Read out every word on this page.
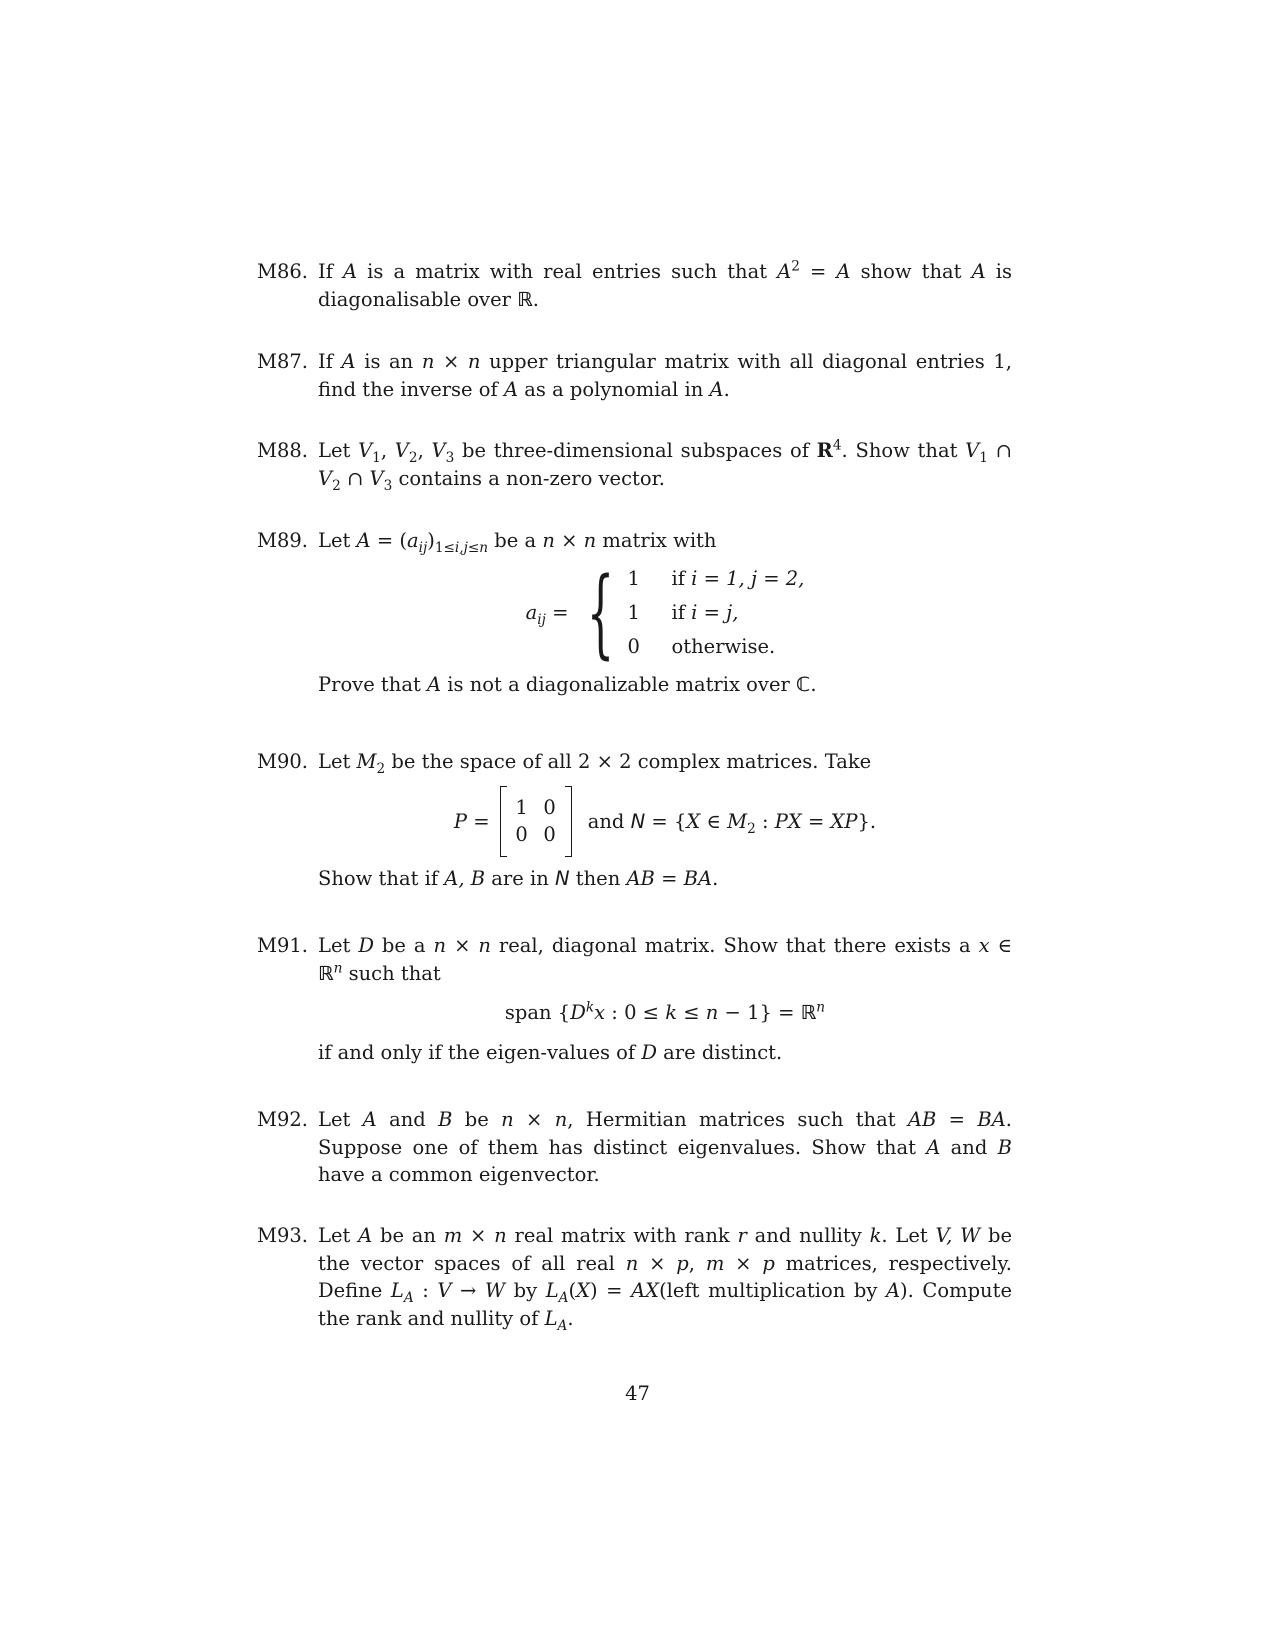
M86. If A is a matrix with real entries such that $A^2 = A$ show that A is diagonalisable over ℝ.

M87. If A is an n × n upper triangular matrix with all diagonal entries 1, find the inverse of A as a polynomial in A.

M88. Let $V_1$, $V_2$, $V_3$ be three-dimensional subspaces of $R^4$. Show that $V_1$ ∩ $V_2$ ∩ $V_3$ contains a non-zero vector.

M89. Let $A = (a_{ij})_{1\le i,j\le n}$ be a n × n matrix with

$a_{ij}$ = { 1	if i = 1, j = 2,
1	if i = j,
0	otherwise.

Prove that A is not a diagonalizable matrix over ℂ.

M90. Let $M_2$ be the space of all 2 × 2 complex matrices. Take

P =
1 0
0 0
and N = {X ∈ $M_2$ : PX = XP}.

Show that if A, B are in N then AB = BA.

M91. Let D be a n × n real, diagonal matrix. Show that there exists a x ∈ ℝ$^n$ such that

span {$D^kx$ : 0 ≤ k ≤ n − 1} = ℝ$^n$

if and only if the eigen-values of D are distinct.

M92. Let A and B be n × n, Hermitian matrices such that AB = BA. Suppose one of them has distinct eigenvalues. Show that A and B have a common eigenvector.

M93. Let A be an m × n real matrix with rank r and nullity k. Let V, W be the vector spaces of all real n × p, m × p matrices, respectively. Define $L_A$ : V → W by $L_A(X)$ = AX(left multiplication by A). Compute the rank and nullity of $L_A$.

47
